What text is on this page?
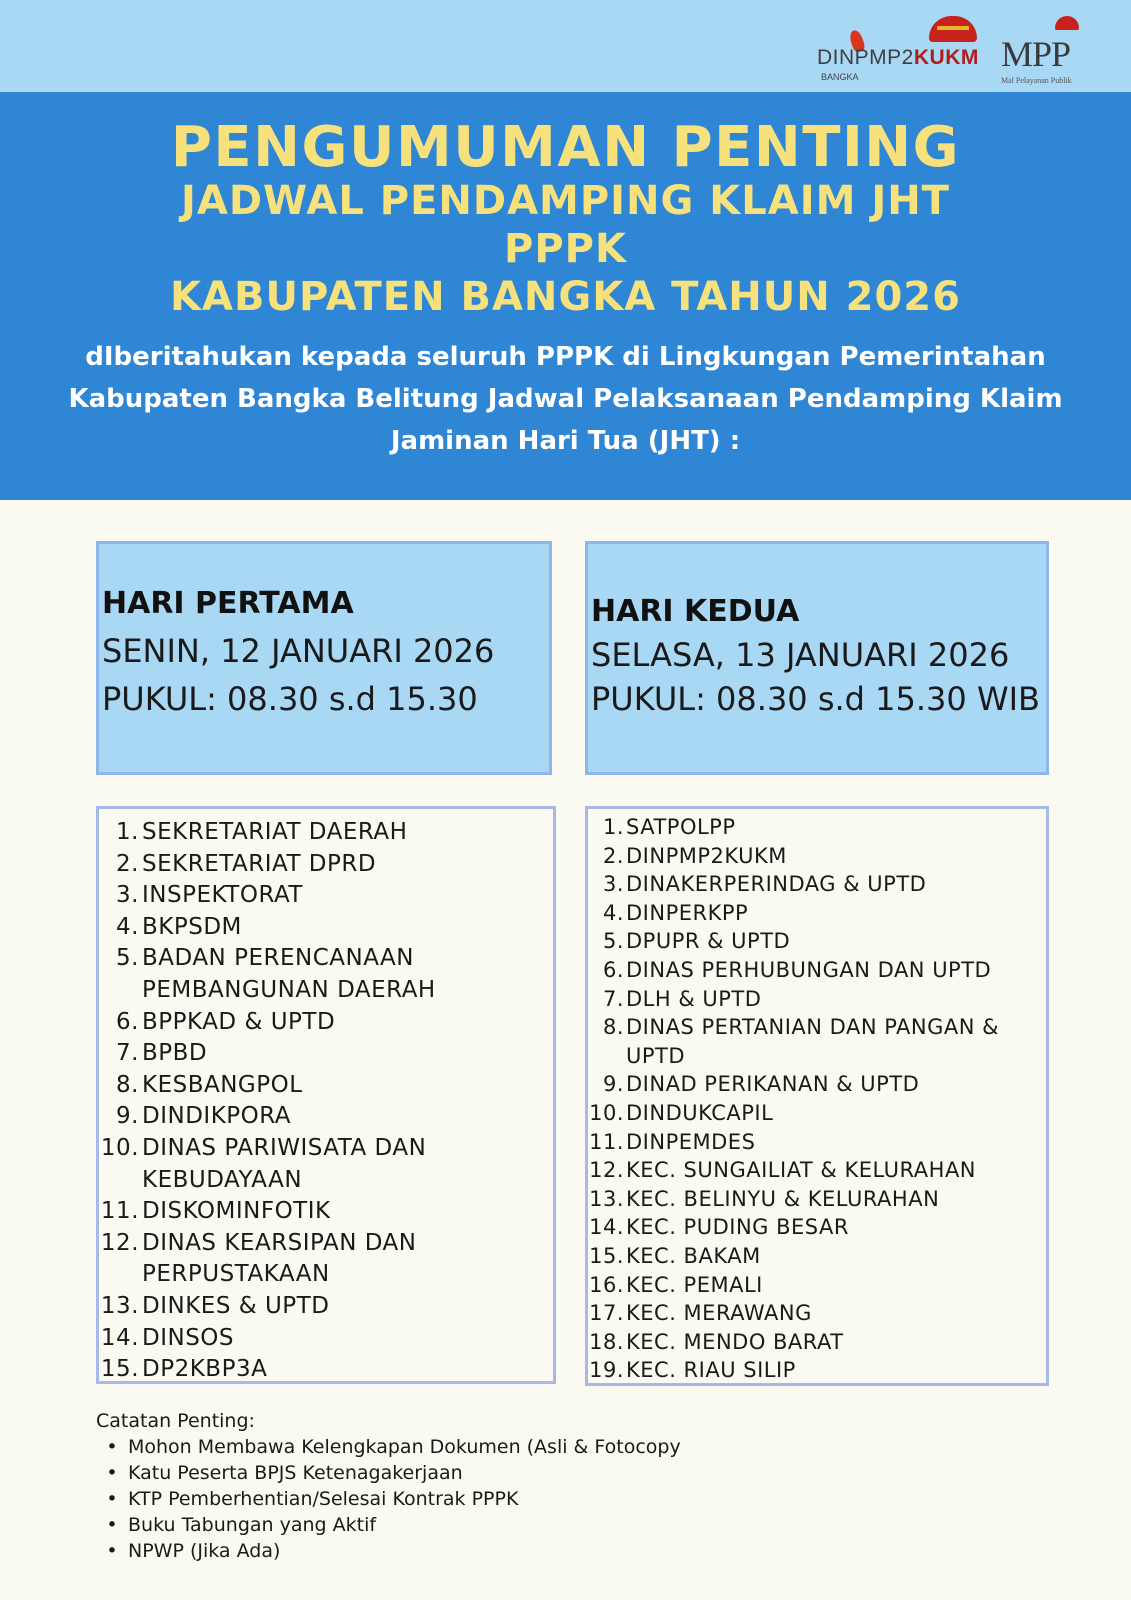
DINPMP2KUKM
BANGKA
MPP
Mal Pelayanan Publik
PENGUMUMAN PENTING
JADWAL PENDAMPING KLAIM JHT
PPPK
KABUPATEN BANGKA TAHUN 2026
dIberitahukan kepada seluruh PPPK di Lingkungan Pemerintahan Kabupaten Bangka Belitung Jadwal Pelaksanaan Pendamping Klaim Jaminan Hari Tua (JHT) :
HARI PERTAMA
SENIN, 12 JANUARI 2026
PUKUL: 08.30 s.d 15.30
HARI KEDUA
SELASA, 13 JANUARI 2026
PUKUL: 08.30 s.d 15.30 WIB
1. SEKRETARIAT DAERAH
2. SEKRETARIAT DPRD
3. INSPEKTORAT
4. BKPSDM
5. BADAN PERENCANAAN
PEMBANGUNAN DAERAH
6. BPPKAD & UPTD
7. BPBD
8. KESBANGPOL
9. DINDIKPORA
10. DINAS PARIWISATA DAN
KEBUDAYAAN
11. DISKOMINFOTIK
12. DINAS KEARSIPAN DAN
PERPUSTAKAAN
13. DINKES & UPTD
14. DINSOS
15. DP2KBP3A
1. SATPOLPP
2. DINPMP2KUKM
3. DINAKERPERINDAG & UPTD
4. DINPERKPP
5. DPUPR & UPTD
6. DINAS PERHUBUNGAN DAN UPTD
7. DLH & UPTD
8. DINAS PERTANIAN DAN PANGAN &
UPTD
9. DINAD PERIKANAN & UPTD
10. DINDUKCAPIL
11. DINPEMDES
12. KEC. SUNGAILIAT & KELURAHAN
13. KEC. BELINYU & KELURAHAN
14. KEC. PUDING BESAR
15. KEC. BAKAM
16. KEC. PEMALI
17. KEC. MERAWANG
18. KEC. MENDO BARAT
19. KEC. RIAU SILIP
Catatan Penting:
• Mohon Membawa Kelengkapan Dokumen (Asli & Fotocopy
• Katu Peserta BPJS Ketenagakerjaan
• KTP Pemberhentian/Selesai Kontrak PPPK
• Buku Tabungan yang Aktif
• NPWP (Jika Ada)
